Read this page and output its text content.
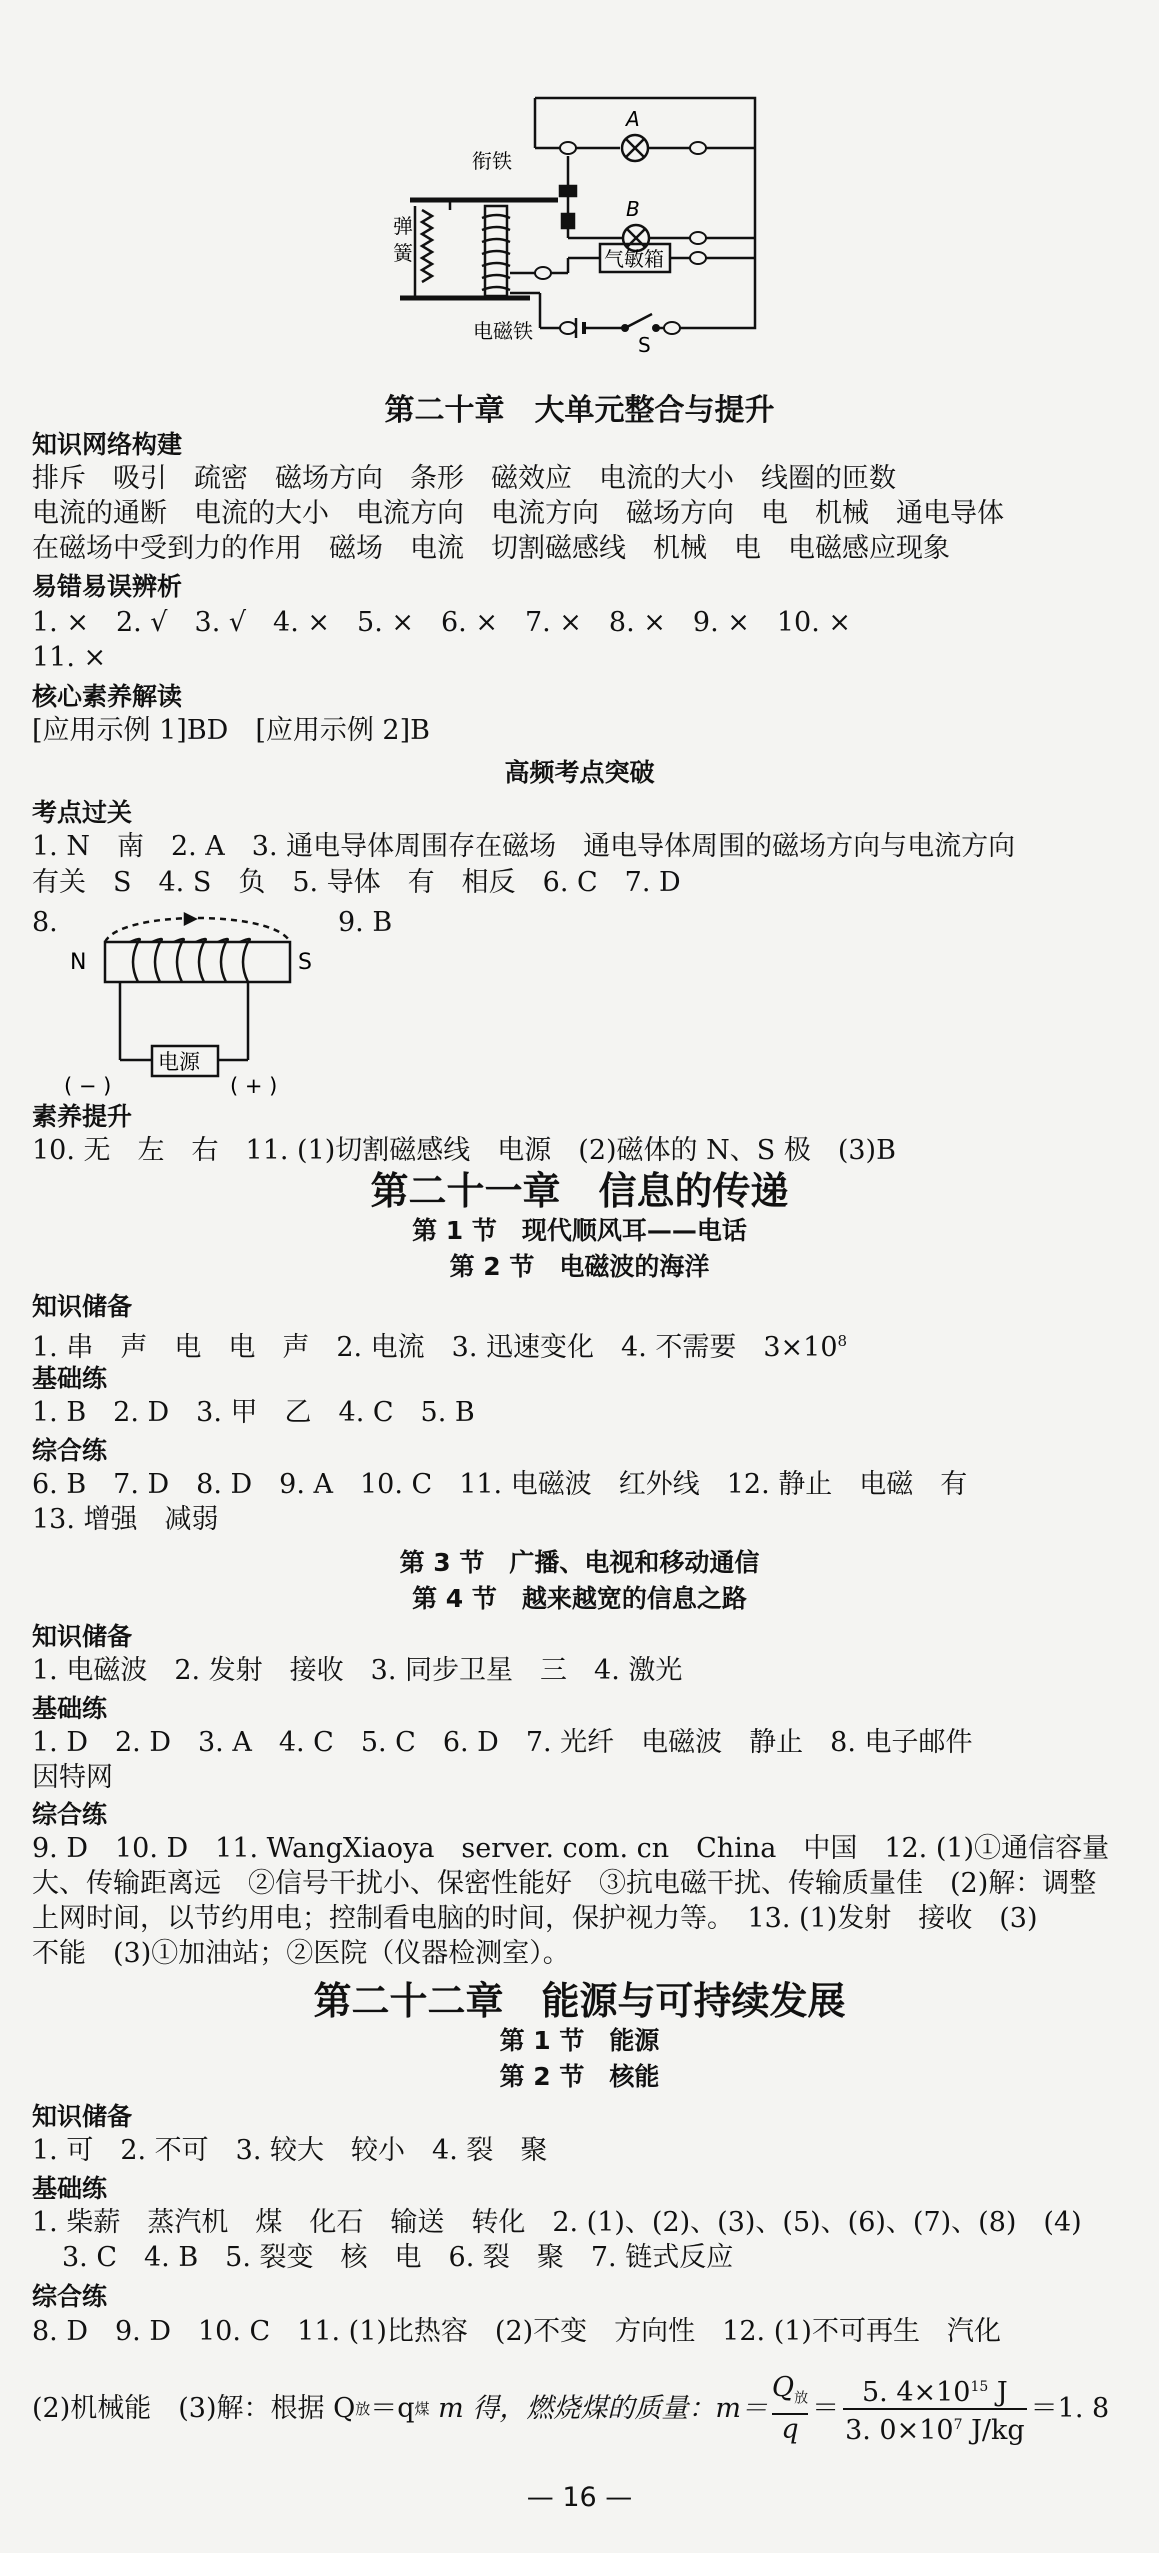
A
B
气敏箱
S
衔铁
电磁铁
弹
簧
第二十章　大单元整合与提升
知识网络构建
排斥　吸引　疏密　磁场方向　条形　磁效应　电流的大小　线圈的匝数
电流的通断　电流的大小　电流方向　电流方向　磁场方向　电　机械　通电导体
在磁场中受到力的作用　磁场　电流　切割磁感线　机械　电　电磁感应现象
易错易误辨析
1. ×　2. √　3. √　4. ×　5. ×　6. ×　7. ×　8. ×　9. ×　10. ×
11. ×
核心素养解读
[应用示例 1]BD　[应用示例 2]B
高频考点突破
考点过关
1. N　南　2. A　3. 通电导体周围存在磁场　通电导体周围的磁场方向与电流方向
有关　S　4. S　负　5. 导体　有　相反　6. C　7. D
8.	9. B
N	S
电源
( − )	( + )
素养提升
10. 无　左　右　11. (1)切割磁感线　电源　(2)磁体的 N、S 极　(3)B
第二十一章　信息的传递
第 1 节　现代顺风耳——电话
第 2 节　电磁波的海洋
知识储备
1. 串　声　电　电　声　2. 电流　3. 迅速变化　4. 不需要　$3\times 10^8$
基础练
1. B　2. D　3. 甲　乙　4. C　5. B
综合练
6. B　7. D　8. D　9. A　10. C　11. 电磁波　红外线　12. 静止　电磁　有
13. 增强　减弱
第 3 节　广播、电视和移动通信
第 4 节　越来越宽的信息之路
知识储备
1. 电磁波　2. 发射　接收　3. 同步卫星　三　4. 激光
基础练
1. D　2. D　3. A　4. C　5. C　6. D　7. 光纤　电磁波　静止　8. 电子邮件
因特网
综合练
9. D　10. D　11. WangXiaoya　server. com. cn　China　中国　12. (1)①通信容量
大、传输距离远　②信号干扰小、保密性能好　③抗电磁干扰、传输质量佳　(2)解：调整
上网时间，以节约用电；控制看电脑的时间，保护视力等。　13. (1)发射　接收　(3)
不能　(3)①加油站；②医院（仪器检测室）。
第二十二章　能源与可持续发展
第 1 节　能源
第 2 节　核能
知识储备
1. 可　2. 不可　3. 较大　较小　4. 裂　聚
基础练
1. 柴薪　蒸汽机　煤　化石　输送　转化　2. (1)、(2)、(3)、(5)、(6)、(7)、(8)　(4)
3. C　4. B　5. 裂变　核　电　6. 裂　聚　7. 链式反应
综合练
8. D　9. D　10. C　11. (1)比热容　(2)不变　方向性　12. (1)不可再生　汽化
(2)机械能　(3)解：根据 Q 放 ＝q 煤 m 得，燃烧煤的质量：m＝
$Q_放$
q
＝
5. $4\times 10^{15}$ J
3. $0\times 10^7$ J/kg
＝1. 8
— 16 —
